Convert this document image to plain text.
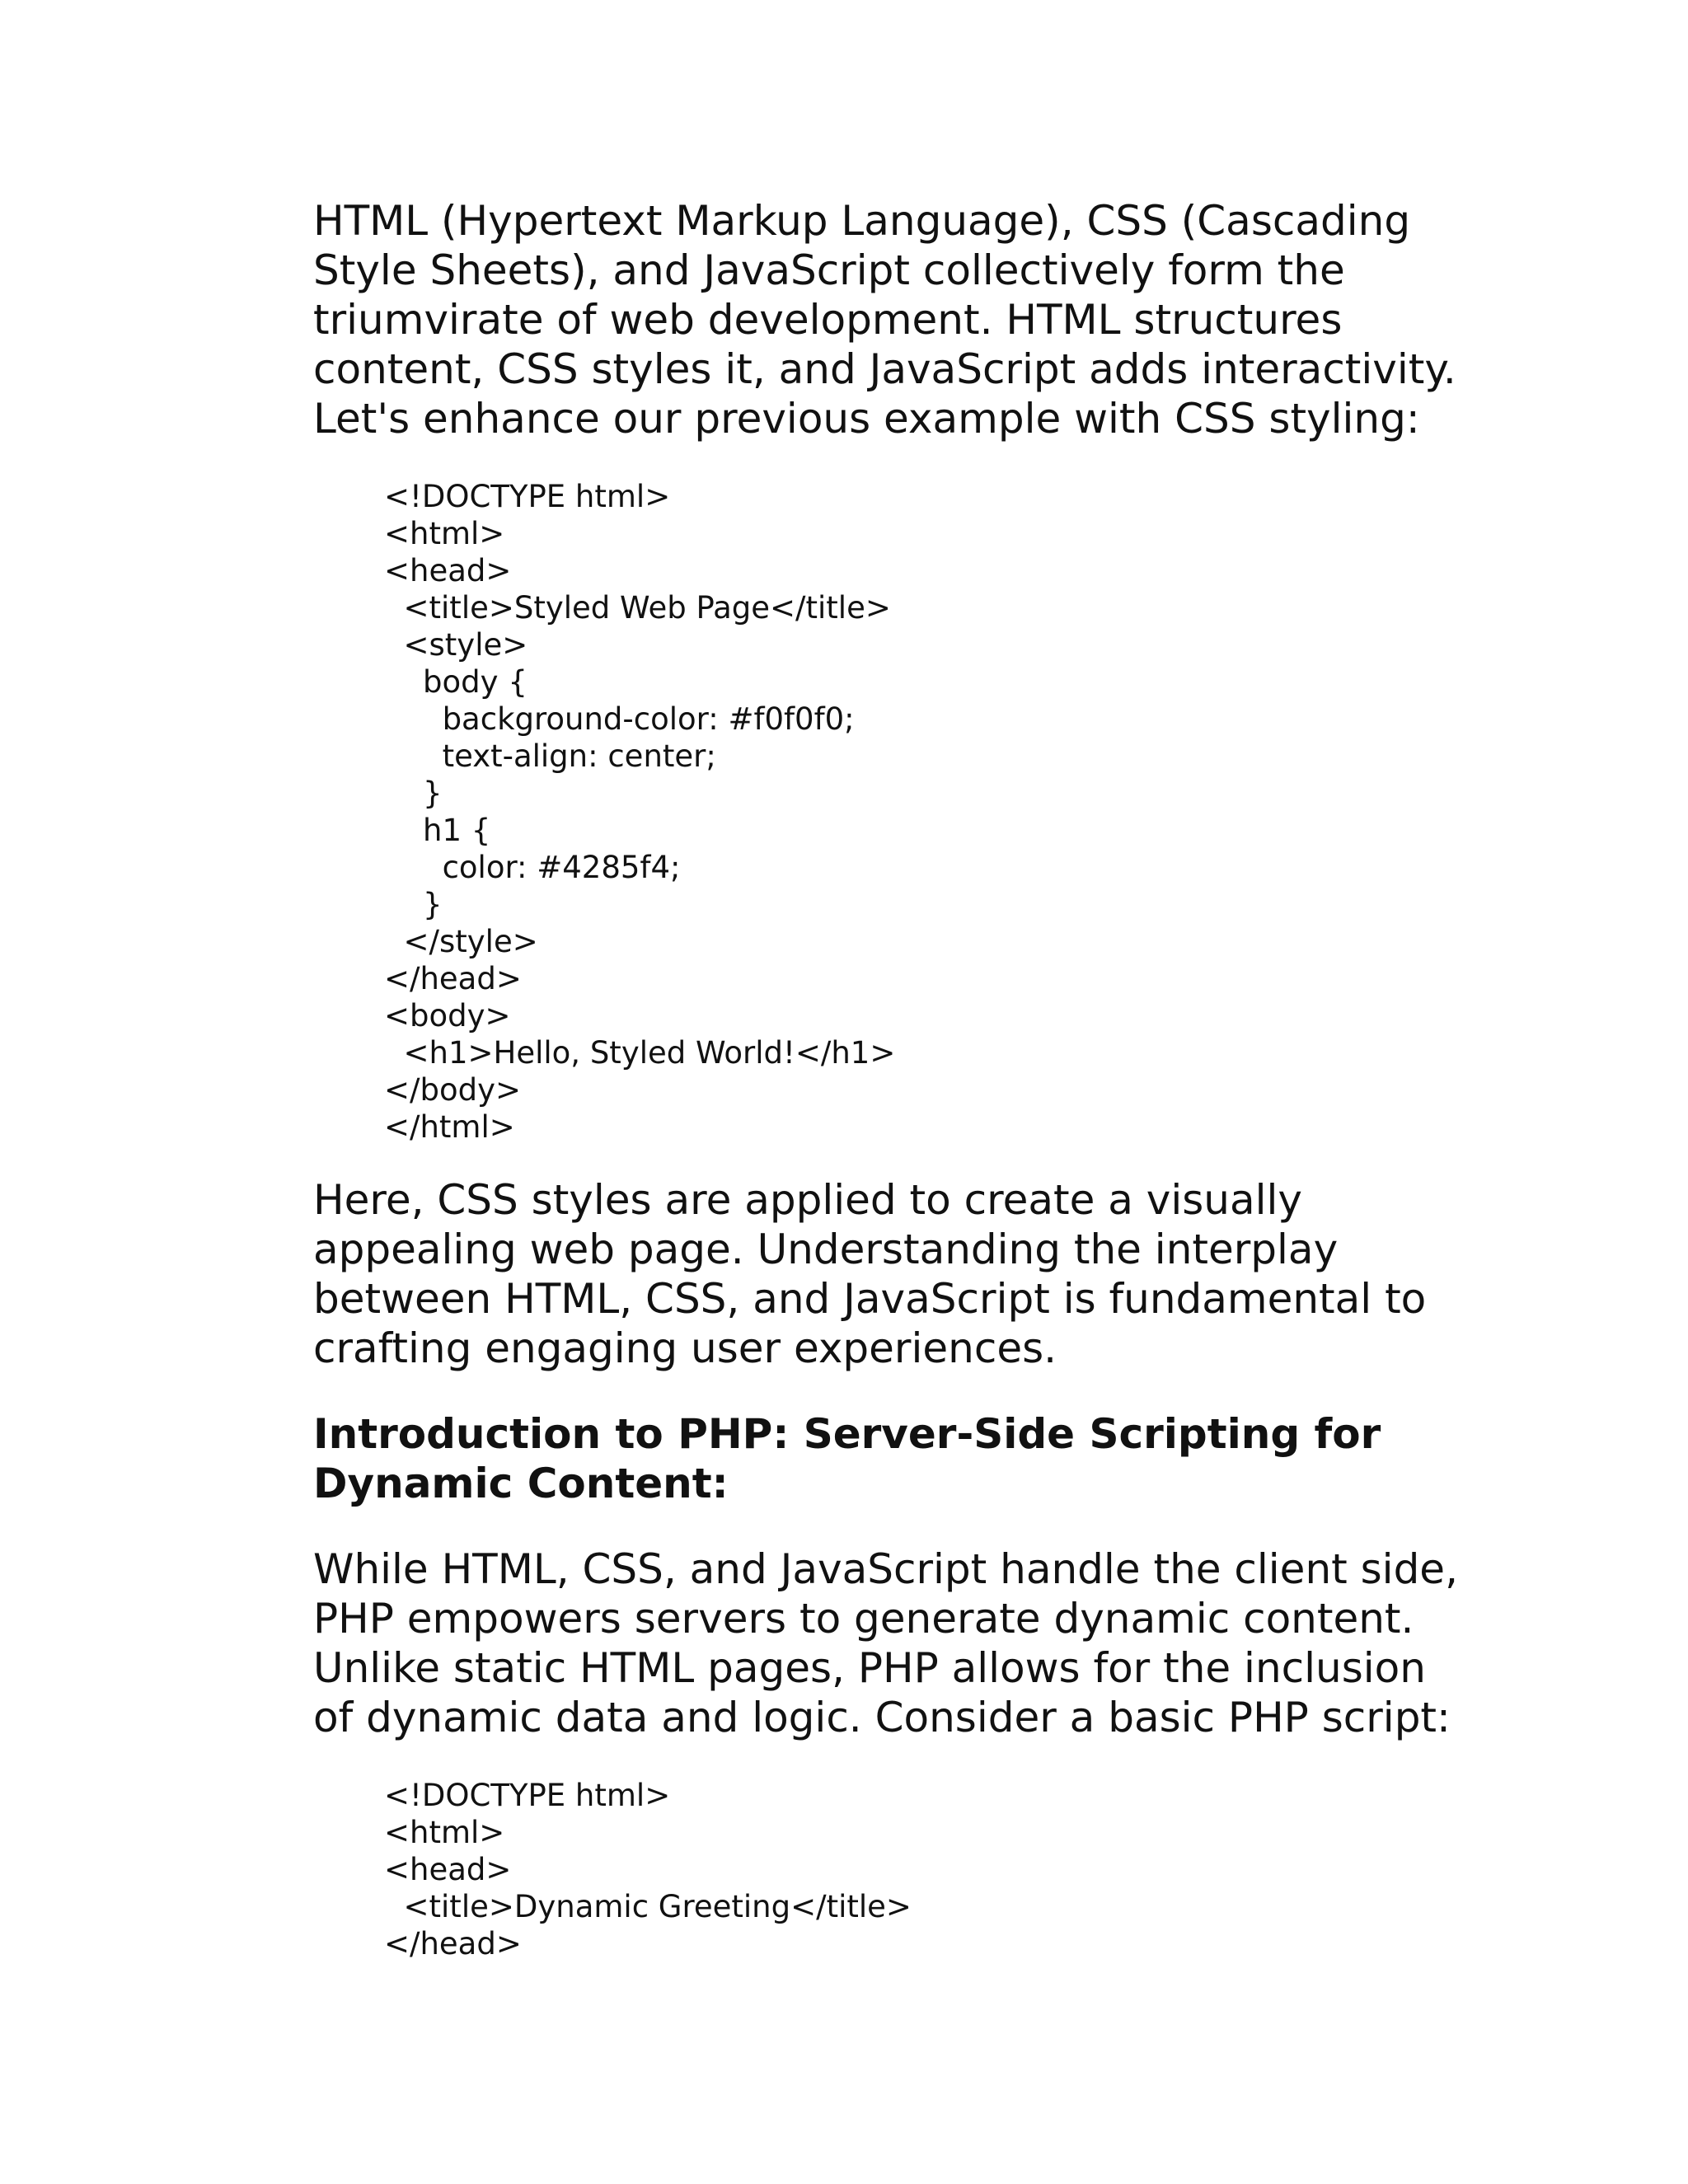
HTML (Hypertext Markup Language), CSS (Cascading Style Sheets), and JavaScript collectively form the triumvirate of web development. HTML structures content, CSS styles it, and JavaScript adds interactivity. Let's enhance our previous example with CSS styling:

<!DOCTYPE html>
<html>
<head>
<title>Styled Web Page</title>
<style>
body {
background-color: #f0f0f0;
text-align: center;
}
h1 {
color: #4285f4;
}
</style>
</head>
<body>
<h1>Hello, Styled World!</h1>
</body>
</html>

Here, CSS styles are applied to create a visually appealing web page. Understanding the interplay between HTML, CSS, and JavaScript is fundamental to crafting engaging user experiences.

Introduction to PHP: Server-Side Scripting for Dynamic Content:

While HTML, CSS, and JavaScript handle the client side, PHP empowers servers to generate dynamic content. Unlike static HTML pages, PHP allows for the inclusion of dynamic data and logic. Consider a basic PHP script:

<!DOCTYPE html>
<html>
<head>
<title>Dynamic Greeting</title>
</head>
